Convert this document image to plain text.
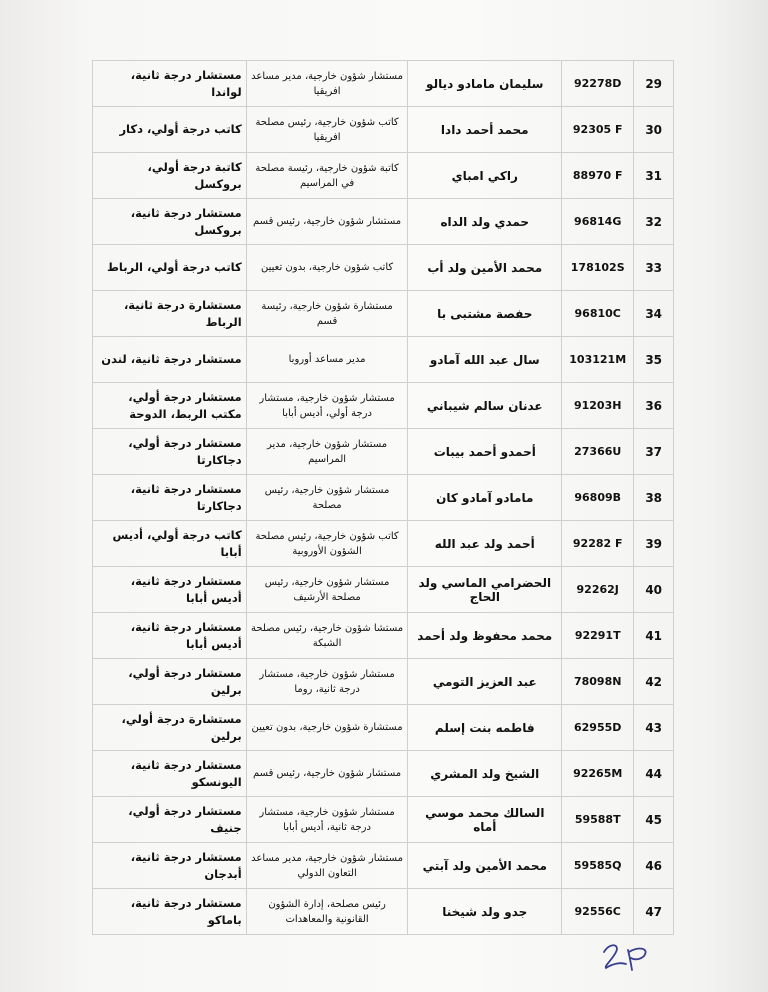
29	92278D	سليمان مامادو ديالو	مستشار شؤون خارجية، مدير مساعد افريقيا	مستشار درجة ثانية، لواندا
30	92305 F	محمد أحمد دادا	كاتب شؤون خارجية، رئيس مصلحة افريقيا	كاتب درجة أولي، دكار
31	88970 F	راكي امباي	كاتبة شؤون خارجية، رئيسة مصلحة في المراسيم	كاتبة درجة أولي، بروكسل
32	96814G	حمدي ولد الداه	مستشار شؤون خارجية، رئيس قسم	مستشار درجة ثانية، بروكسل
33	178102S	محمد الأمين ولد أب	كاتب شؤون خارجية، بدون تعيين	كاتب درجة أولي، الرباط
34	96810C	حفصة مشتبى با	مستشارة شؤون خارجية، رئيسة قسم	مستشارة درجة ثانية، الرباط
35	103121M	سال عبد الله آمادو	مدير مساعد أوروبا	مستشار درجة ثانية، لندن
36	91203H	عدنان سالم شيباني	مستشار شؤون خارجية، مستشار درجة أولي، أديس أبابا	مستشار درجة أولي، مكتب الربط، الدوحة
37	27366U	أحمدو أحمد بيبات	مستشار شؤون خارجية، مدير المراسيم	مستشار درجة أولي، دجاكارتا
38	96809B	مامادو آمادو كان	مستشار شؤون خارجية، رئيس مصلحة	مستشار درجة ثانية، دجاكارتا
39	92282 F	أحمد ولد عبد الله	كاتب شؤون خارجية، رئيس مصلحة الشؤون الأوروبية	كاتب درجة أولي، أديس أبابا
40	92262J	الحضرامي الماسي ولد الحاج	مستشار شؤون خارجية، رئيس مصلحة الأرشيف	مستشار درجة ثانية، أديس أبابا
41	92291T	محمد محفوظ ولد أحمد	مستشا شؤون خارجية، رئيس مصلحة الشبكة	مستشار درجة ثانية، أديس أبابا
42	78098N	عبد العزيز التومي	مستشار شؤون خارجية، مستشار درجة ثانية، روما	مستشار درجة أولي، برلين
43	62955D	فاطمه بنت إسلم	مستشارة شؤون خارجية، بدون تعيين	مستشارة درجة أولي، برلين
44	92265M	الشيخ ولد المشري	مستشار شؤون خارجية، رئيس قسم	مستشار درجة ثانية، اليونسكو
45	59588T	السالك محمد موسي أماه	مستشار شؤون خارجية، مستشار درجة ثانية، أديس أبابا	مستشار درجة أولي، جنيف
46	59585Q	محمد الأمين ولد آبتي	مستشار شؤون خارجية، مدير مساعد التعاون الدولي	مستشار درجة ثانية، أبدجان
47	92556C	جدو ولد شيخنا	رئيس مصلحة، إدارة الشؤون القانونية والمعاهدات	مستشار درجة ثانية، باماكو
